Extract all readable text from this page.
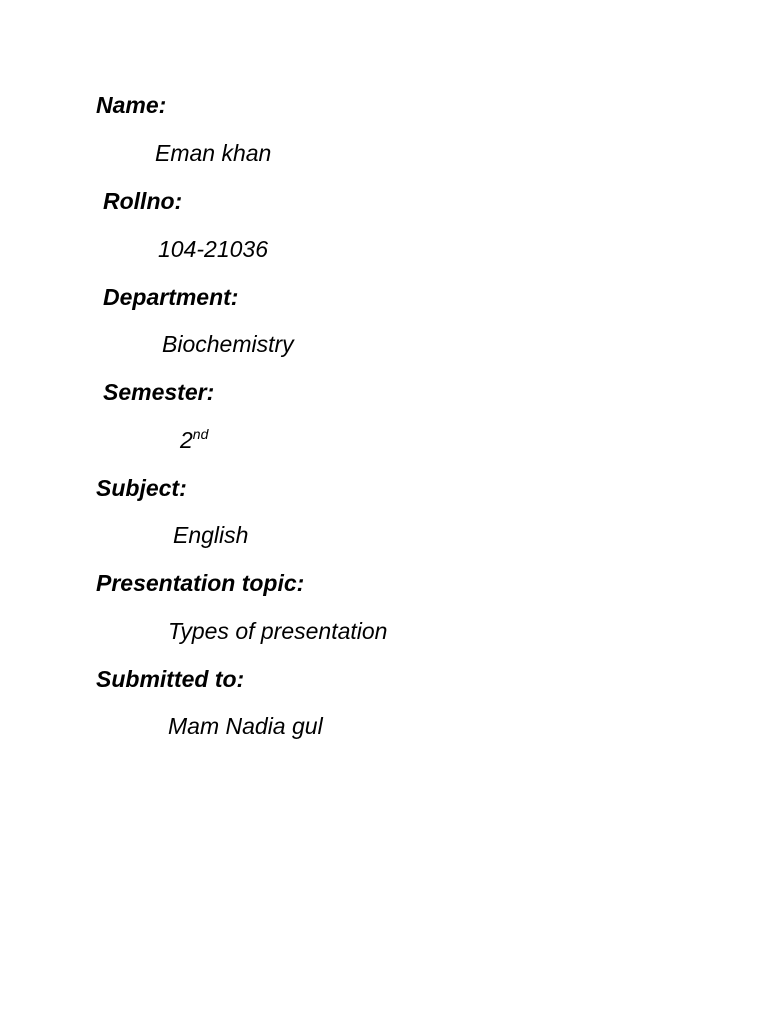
Name:
Eman khan
Rollno:
104-21036
Department:
Biochemistry
Semester:
2nd
Subject:
English
Presentation topic:
Types of presentation
Submitted to:
Mam Nadia gul
